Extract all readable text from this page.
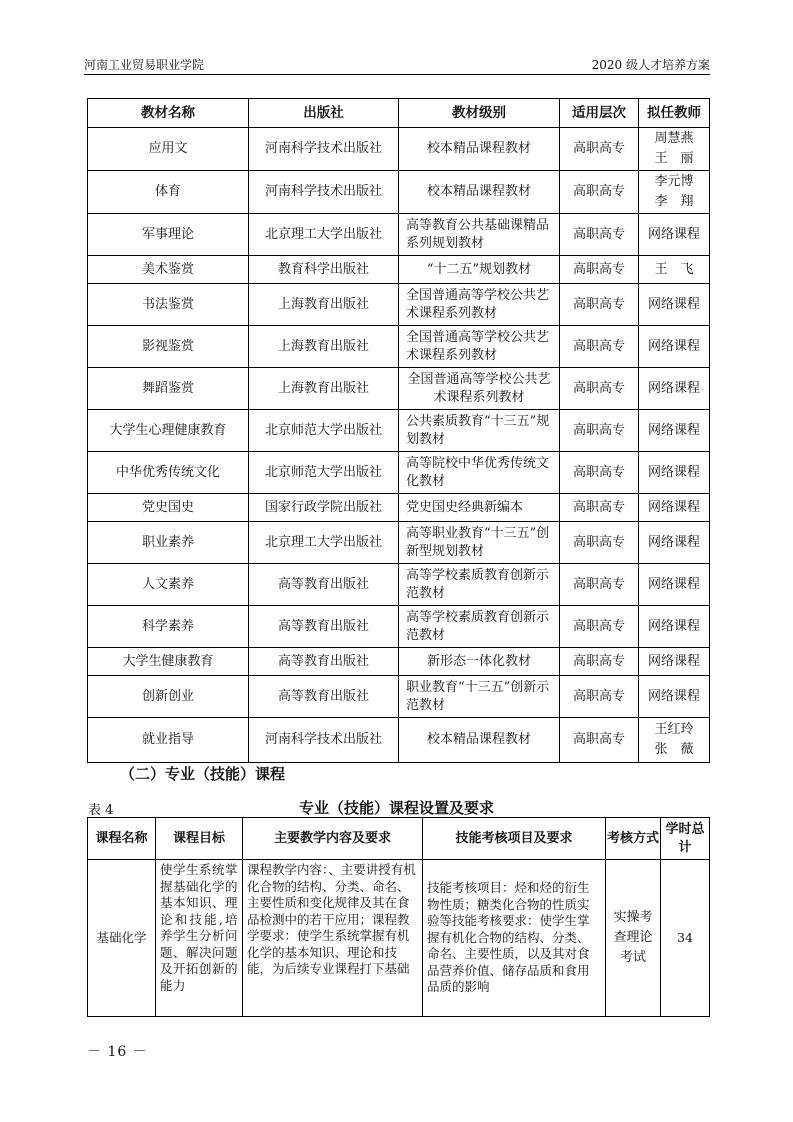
河南工业贸易职业学院	2020 级人才培养方案
教材名称	出版社	教材级别	适用层次	拟任教师
应用文	河南科学技术出版社	校本精品课程教材	高职高专	周慧燕
王　丽

体育	河南科学技术出版社	校本精品课程教材	高职高专	李元博
李　翔

军事理论	北京理工大学出版社	高等教育公共基础课精品系列规划教材	高职高专	网络课程

美术鉴赏	教育科学出版社	“十二五”规划教材	高职高专	王　飞

书法鉴赏	上海教育出版社	全国普通高等学校公共艺术课程系列教材	高职高专	网络课程

影视鉴赏	上海教育出版社	全国普通高等学校公共艺术课程系列教材	高职高专	网络课程

舞蹈鉴赏	上海教育出版社	全国普通高等学校公共艺术课程系列教材	高职高专	网络课程

大学生心理健康教育	北京师范大学出版社	公共素质教育“十三五”规划教材	高职高专	网络课程

中华优秀传统文化	北京师范大学出版社	高等院校中华优秀传统文化教材	高职高专	网络课程

党史国史	国家行政学院出版社	党史国史经典新编本	高职高专	网络课程

职业素养	北京理工大学出版社	高等职业教育“十三五”创新型规划教材	高职高专	网络课程

人文素养	高等教育出版社	高等学校素质教育创新示范教材	高职高专	网络课程

科学素养	高等教育出版社	高等学校素质教育创新示范教材	高职高专	网络课程

大学生健康教育	高等教育出版社	新形态一体化教材	高职高专	网络课程

创新创业	高等教育出版社	职业教育“十三五”创新示范教材	高职高专	网络课程

就业指导	河南科学技术出版社	校本精品课程教材	高职高专	王红玲
张　薇
（二）专业（技能）课程
专业（技能）课程设置及要求
表 4
课程名称	课程目标	主要教学内容及要求	技能考核项目及要求	考核方式	学时总计
基础化学	使学生系统掌握基础化学的基本知识、理论和技能,培养学生分析问题、解决问题及开拓创新的能力	课程教学内容：、主要讲授有机化合物的结构、分类、命名、主要性质和变化规律及其在食品检测中的若干应用；课程教学要求：使学生系统掌握有机化学的基本知识、理论和技能，为后续专业课程打下基础	技能考核项目：烃和烃的衍生物性质；糖类化合物的性质实验等技能考核要求：使学生掌握有机化合物的结构、分类、命名、主要性质，以及其对食品营养价值、储存品质和食用品质的影响	实操考查理论考试	34
－ 16 －
